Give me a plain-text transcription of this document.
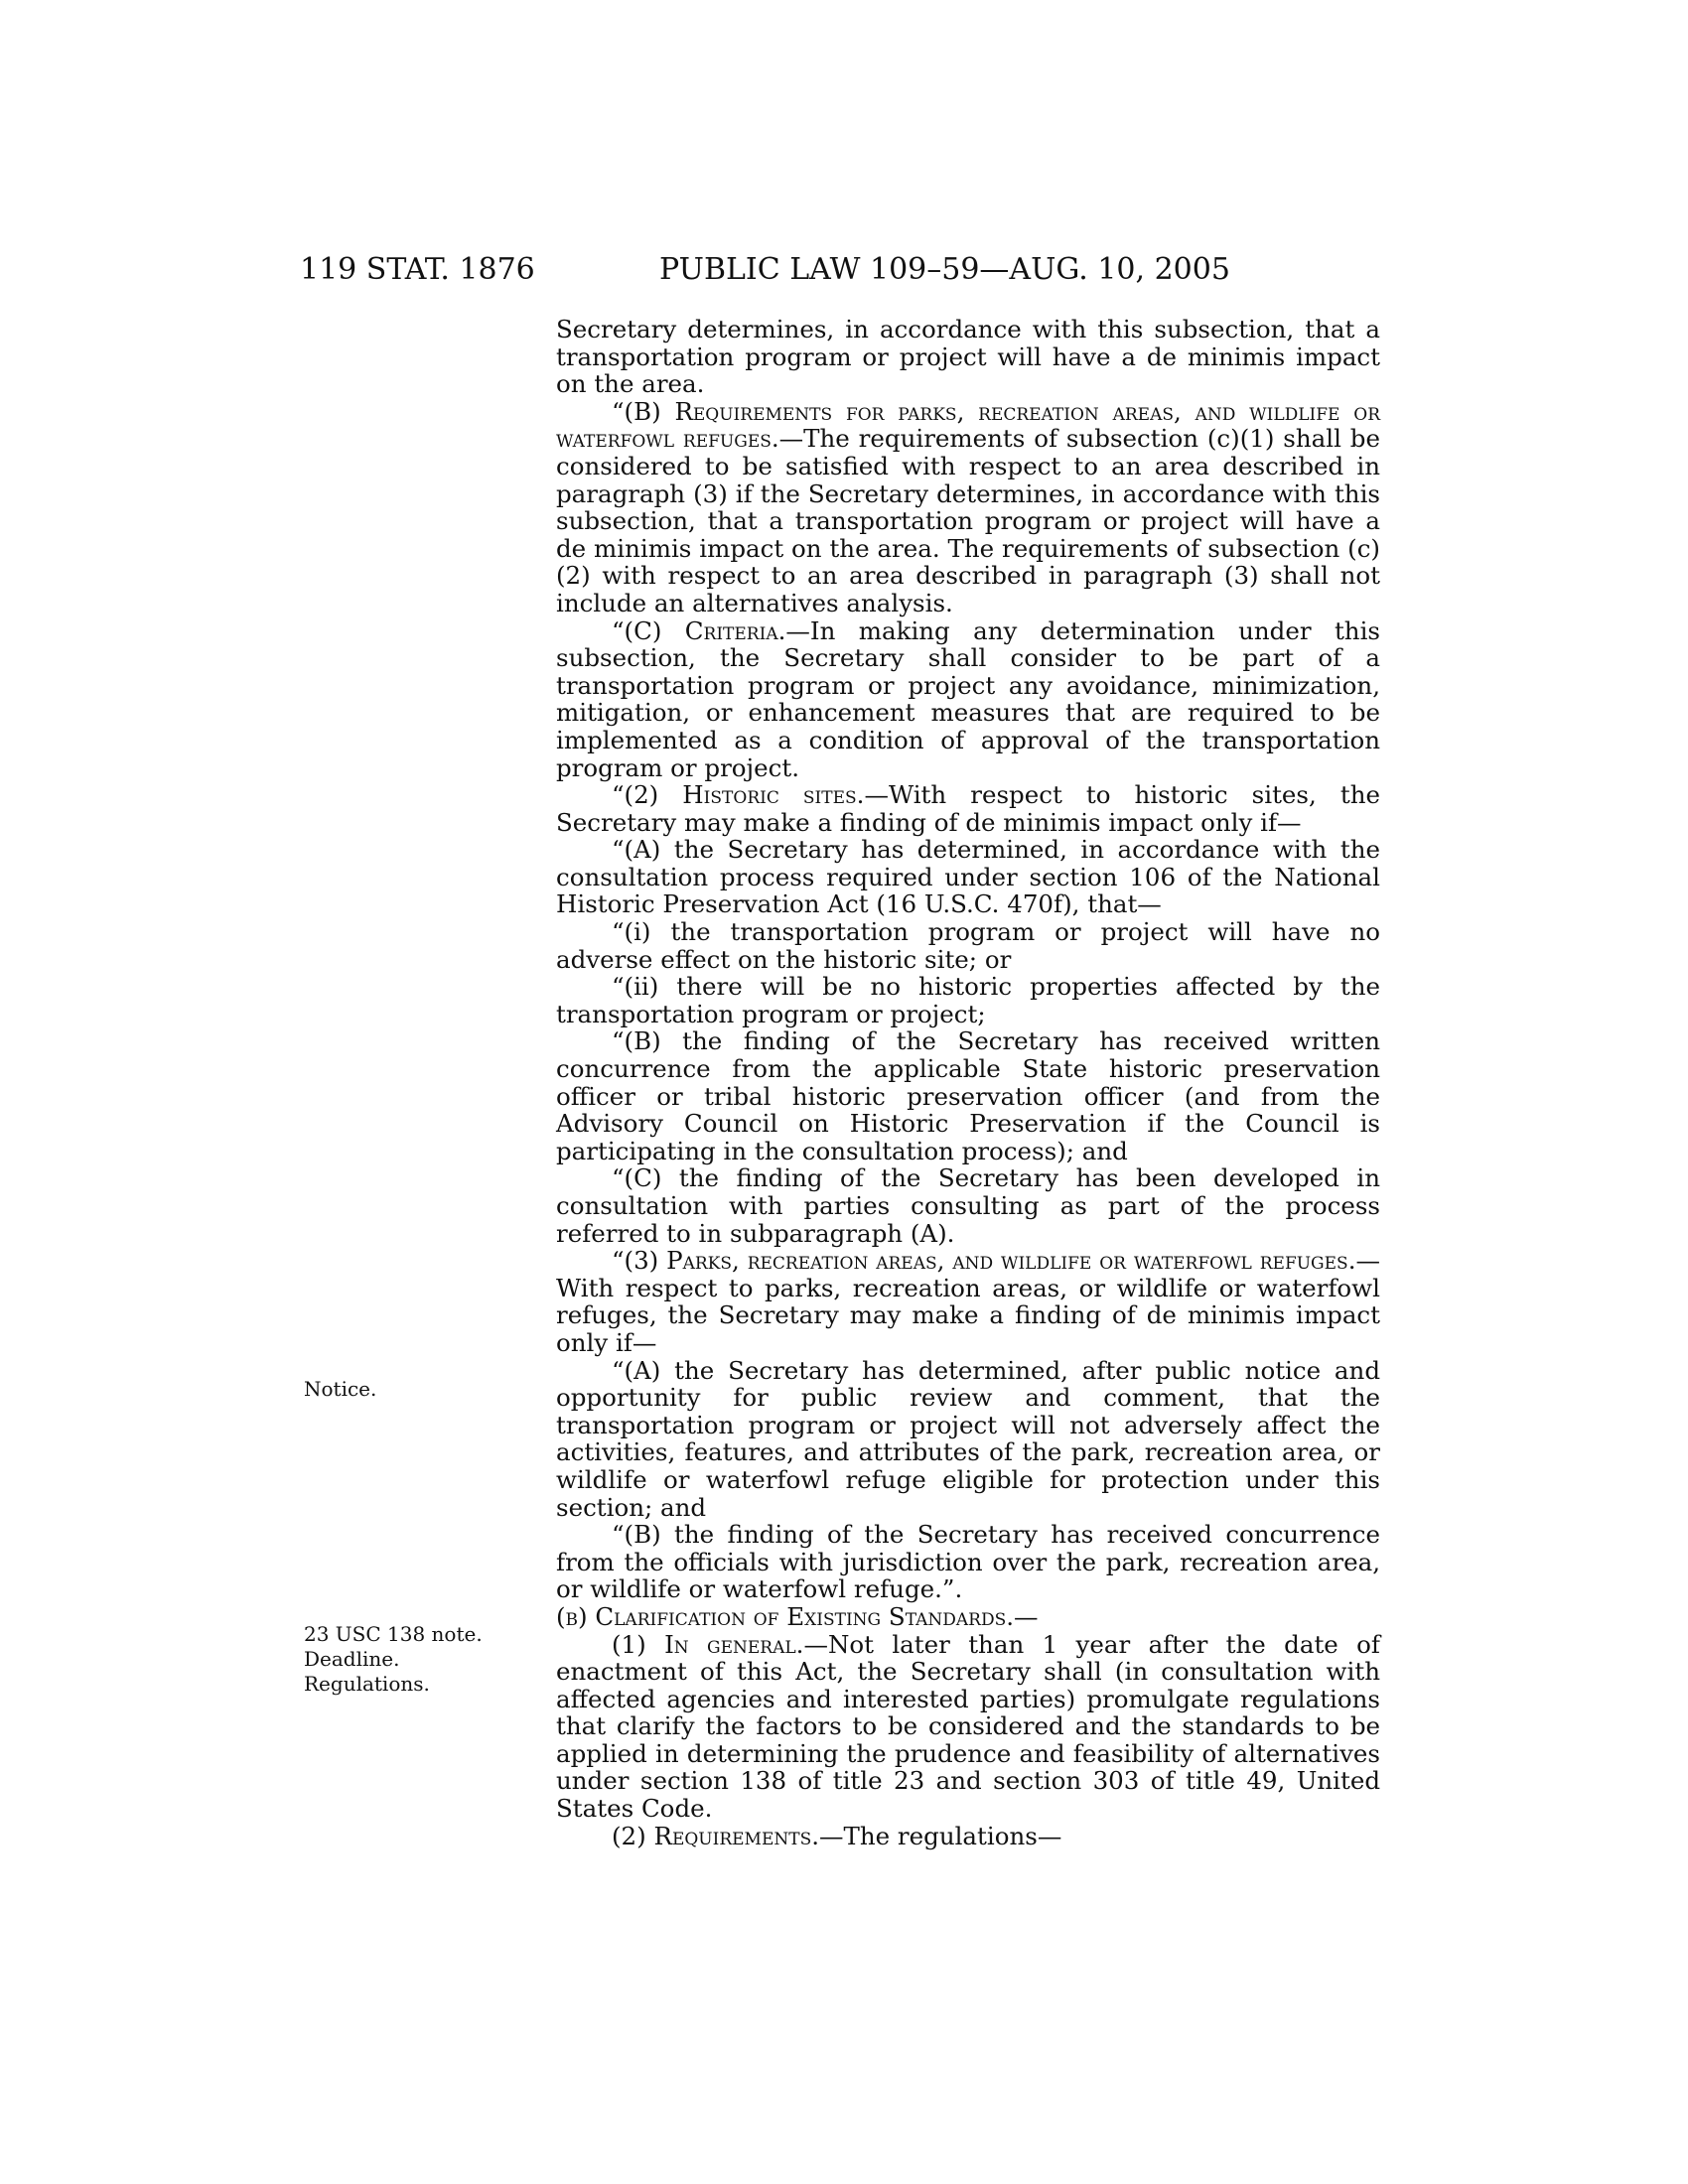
119 STAT. 1876	PUBLIC LAW 109–59—AUG. 10, 2005
Notice.
23 USC 138 note.
Deadline.
Regulations.

Secretary determines, in accordance with this subsection, that a transportation program or project will have a de minimis impact on the area.

“(B) Requirements for parks, recreation areas, and wildlife or waterfowl refuges.—The requirements of subsection (c)(1) shall be considered to be satisfied with respect to an area described in paragraph (3) if the Secretary determines, in accordance with this subsection, that a transportation program or project will have a de minimis impact on the area. The requirements of subsection (c)(2) with respect to an area described in paragraph (3) shall not include an alternatives analysis.

“(C) Criteria.—In making any determination under this subsection, the Secretary shall consider to be part of a transportation program or project any avoidance, minimization, mitigation, or enhancement measures that are required to be implemented as a condition of approval of the transportation program or project.

“(2) Historic sites.—With respect to historic sites, the Secretary may make a finding of de minimis impact only if—

“(A) the Secretary has determined, in accordance with the consultation process required under section 106 of the National Historic Preservation Act (16 U.S.C. 470f), that—

“(i) the transportation program or project will have no adverse effect on the historic site; or

“(ii) there will be no historic properties affected by the transportation program or project;

“(B) the finding of the Secretary has received written concurrence from the applicable State historic preservation officer or tribal historic preservation officer (and from the Advisory Council on Historic Preservation if the Council is participating in the consultation process); and

“(C) the finding of the Secretary has been developed in consultation with parties consulting as part of the process referred to in subparagraph (A).

“(3) Parks, recreation areas, and wildlife or waterfowl refuges.—With respect to parks, recreation areas, or wildlife or waterfowl refuges, the Secretary may make a finding of de minimis impact only if—

“(A) the Secretary has determined, after public notice and opportunity for public review and comment, that the transportation program or project will not adversely affect the activities, features, and attributes of the park, recreation area, or wildlife or waterfowl refuge eligible for protection under this section; and

“(B) the finding of the Secretary has received concurrence from the officials with jurisdiction over the park, recreation area, or wildlife or waterfowl refuge.”.

(b) Clarification of Existing Standards.—

(1) In general.—Not later than 1 year after the date of enactment of this Act, the Secretary shall (in consultation with affected agencies and interested parties) promulgate regulations that clarify the factors to be considered and the standards to be applied in determining the prudence and feasibility of alternatives under section 138 of title 23 and section 303 of title 49, United States Code.

(2) Requirements.—The regulations—
